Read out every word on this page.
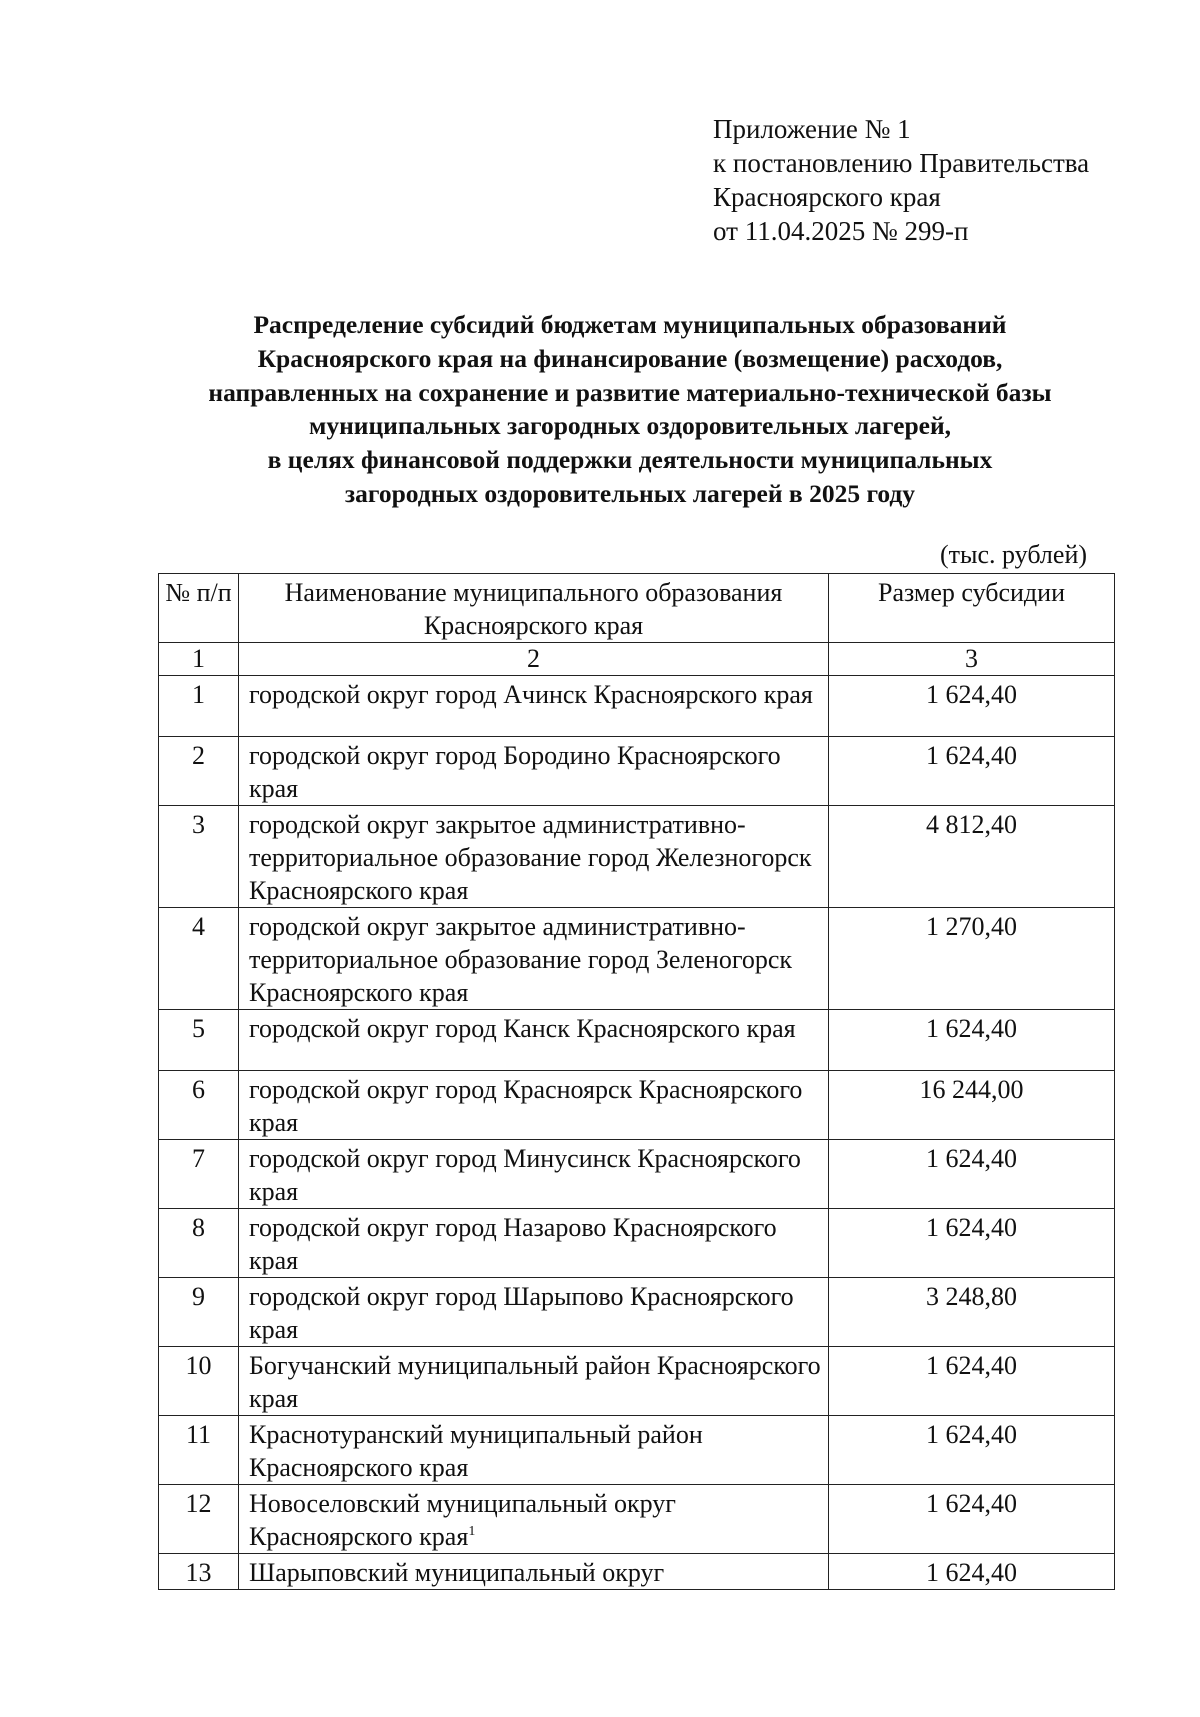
Приложение № 1
к постановлению Правительства
Красноярского края
от 11.04.2025 № 299-п
Распределение субсидий бюджетам муниципальных образований
Красноярского края на финансирование (возмещение) расходов,
направленных на сохранение и развитие материально-технической базы
муниципальных загородных оздоровительных лагерей,
в целях финансовой поддержки деятельности муниципальных
загородных оздоровительных лагерей в 2025 году
(тыс. рублей)
№ п/п	Наименование муниципального образования Красноярского края	Размер субсидии
1	2	3
1	городской округ город Ачинск Красноярского края	1 624,40
2	городской округ город Бородино Красноярского края	1 624,40
3	городской округ закрытое административно-территориальное образование город Железногорск Красноярского края	4 812,40
4	городской округ закрытое административно-территориальное образование город Зеленогорск Красноярского края	1 270,40
5	городской округ город Канск Красноярского края	1 624,40
6	городской округ город Красноярск Красноярского края	16 244,00
7	городской округ город Минусинск Красноярского края	1 624,40
8	городской округ город Назарово Красноярского края	1 624,40
9	городской округ город Шарыпово Красноярского края	3 248,80
10	Богучанский муниципальный район Красноярского края	1 624,40
11	Краснотуранский муниципальный район Красноярского края	1 624,40
12	Новоселовский муниципальный округ Красноярского края$^1$	1 624,40
13	Шарыповский муниципальный округ	1 624,40
